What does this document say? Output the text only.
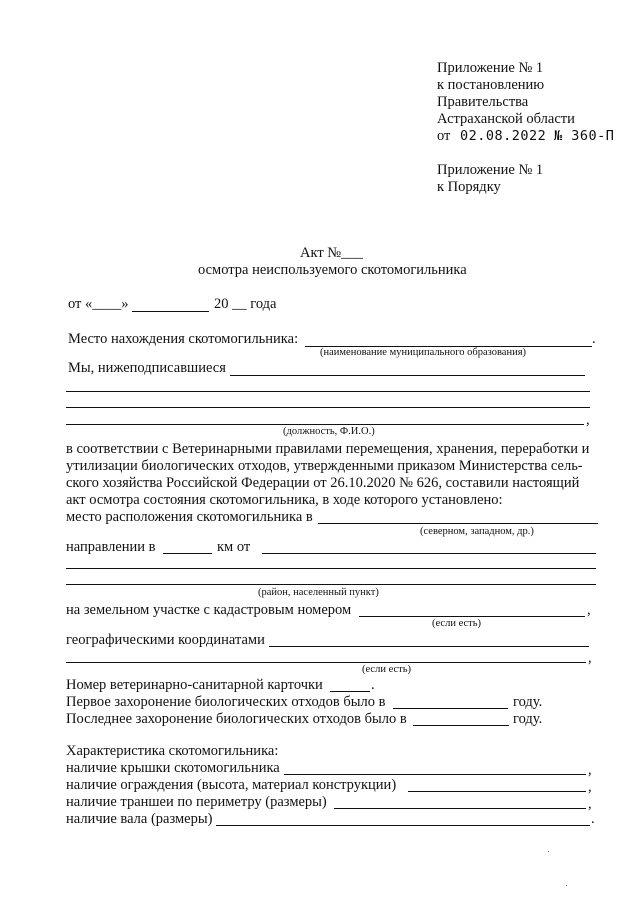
Приложение № 1
к постановлению
Правительства
Астраханской области
от 02.08.2022 № 360-П
Приложение № 1
к Порядку
Акт №___
осмотра неиспользуемого скотомогильника
от «____»	20 __ года
Место нахождения скотомогильника:	.
(наименование муниципального образования)
Мы, нижеподписавшиеся
,
(должность, Ф.И.О.)
в соответствии с Ветеринарными правилами перемещения, хранения, переработки и
утилизации биологических отходов, утвержденными приказом Министерства сель-
ского хозяйства Российской Федерации от 26.10.2020 № 626, составили настоящий
акт осмотра состояния скотомогильника, в ходе которого установлено:
место расположения скотомогильника в
(северном, западном, др.)
направлении в	км от
(район, населенный пункт)
на земельном участке с кадастровым номером	,
(если есть)
географическими координатами
,
(если есть)
Номер ветеринарно-санитарной карточки	.
Первое захоронение биологических отходов было в	году.
Последнее захоронение биологических отходов было в	году.
Характеристика скотомогильника:
наличие крышки скотомогильника	,
наличие ограждения (высота, материал конструкции)	,
наличие траншеи по периметру (размеры)	,
наличие вала (размеры)	.
